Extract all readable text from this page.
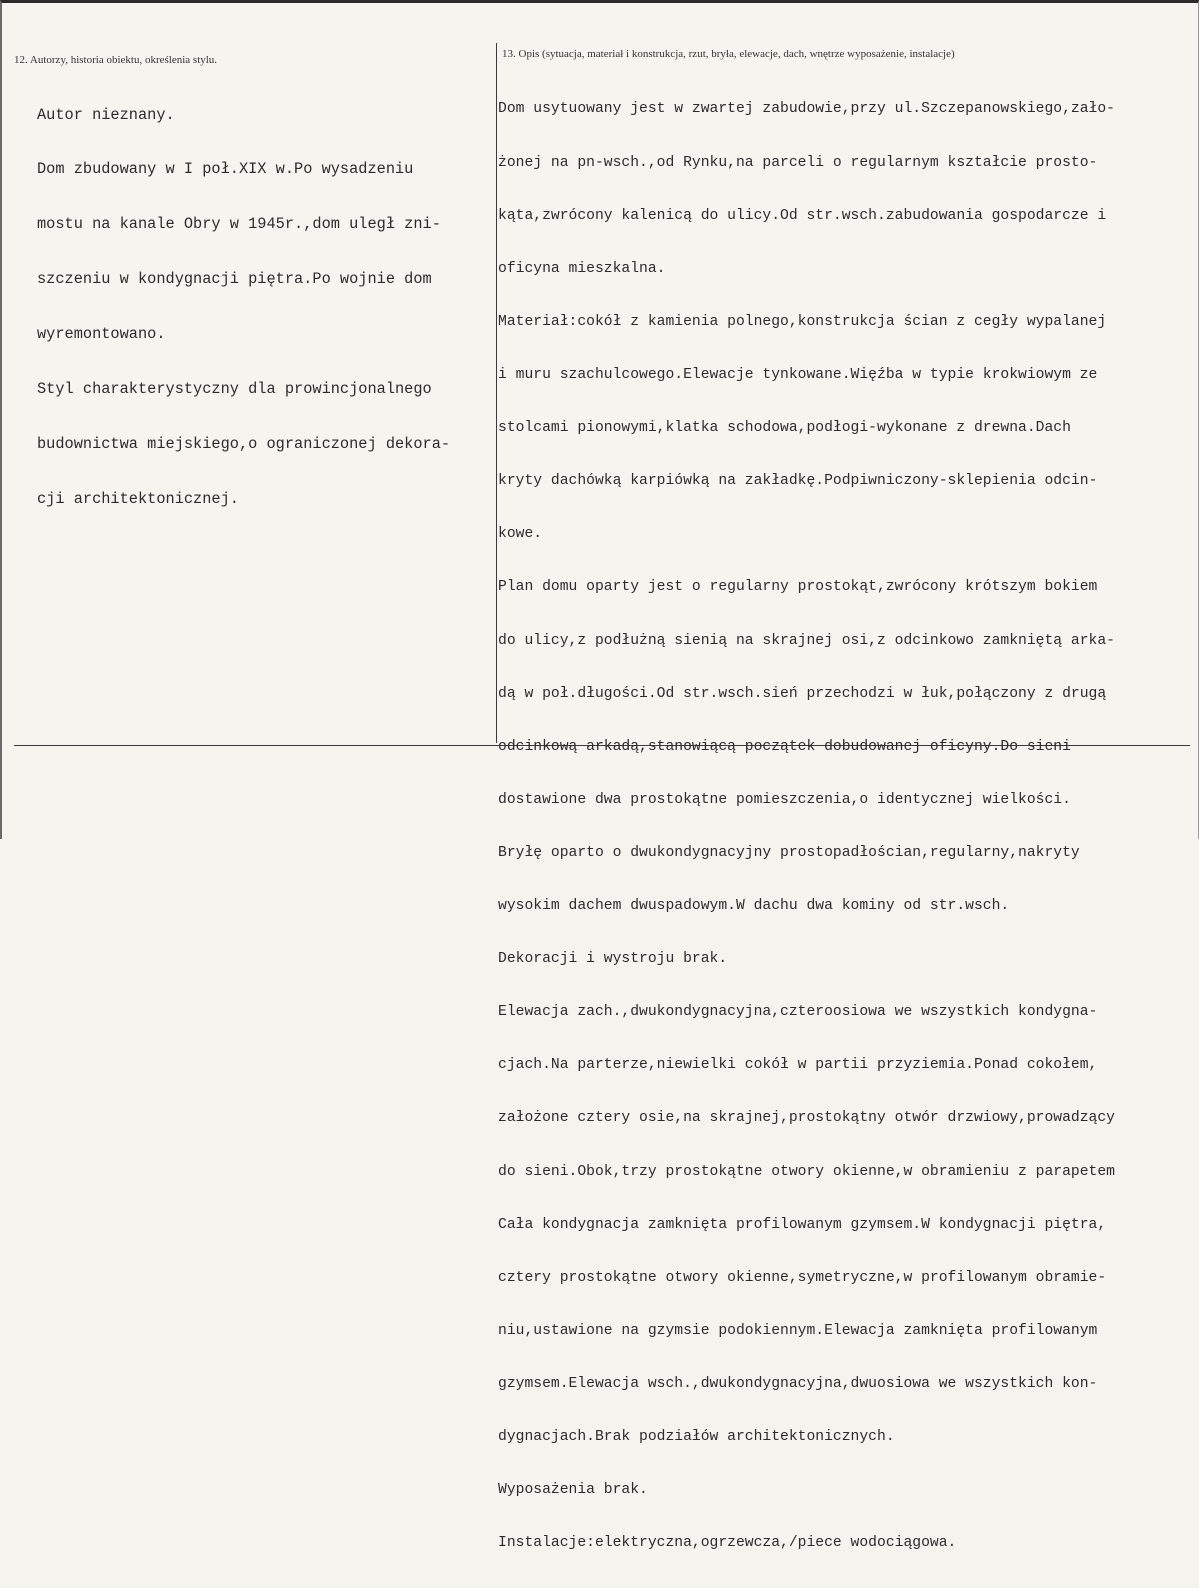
12. Autorzy, historia obiektu, określenia stylu.	13. Opis (sytuacja, materiał i konstrukcja, rzut, bryła, elewacje, dach, wnętrze wyposażenie, instalacje)

Autor nieznany.

Dom zbudowany w I poł.XIX w.Po wysadzeniu

mostu na kanale Obry w 1945r.,dom uległ zni-

szczeniu w kondygnacji piętra.Po wojnie dom

wyremontowano.

Styl charakterystyczny dla prowincjonalnego

budownictwa miejskiego,o ograniczonej dekora-

cji architektonicznej.

Dom usytuowany jest w zwartej zabudowie,przy ul.Szczepanowskiego,zało-

żonej na pn-wsch.,od Rynku,na parceli o regularnym kształcie prosto-

kąta,zwrócony kalenicą do ulicy.Od str.wsch.zabudowania gospodarcze i

oficyna mieszkalna.

Materiał:cokół z kamienia polnego,konstrukcja ścian z cegły wypalanej

i muru szachulcowego.Elewacje tynkowane.Więźba w typie krokwiowym ze

stolcami pionowymi,klatka schodowa,podłogi-wykonane z drewna.Dach

kryty dachówką karpiówką na zakładkę.Podpiwniczony-sklepienia odcin-

kowe.

Plan domu oparty jest o regularny prostokąt,zwrócony krótszym bokiem

do ulicy,z podłużną sienią na skrajnej osi,z odcinkowo zamkniętą arka-

dą w poł.długości.Od str.wsch.sień przechodzi w łuk,połączony z drugą

odcinkową arkadą,stanowiącą początek dobudowanej oficyny.Do sieni

dostawione dwa prostokątne pomieszczenia,o identycznej wielkości.

Bryłę oparto o dwukondygnacyjny prostopadłościan,regularny,nakryty

wysokim dachem dwuspadowym.W dachu dwa kominy od str.wsch.

Dekoracji i wystroju brak.

Elewacja zach.,dwukondygnacyjna,czteroosiowa we wszystkich kondygna-

cjach.Na parterze,niewielki cokół w partii przyziemia.Ponad cokołem,

założone cztery osie,na skrajnej,prostokątny otwór drzwiowy,prowadzący

do sieni.Obok,trzy prostokątne otwory okienne,w obramieniu z parapetem

Cała kondygnacja zamknięta profilowanym gzymsem.W kondygnacji piętra,

cztery prostokątne otwory okienne,symetryczne,w profilowanym obramie-

niu,ustawione na gzymsie podokiennym.Elewacja zamknięta profilowanym

gzymsem.Elewacja wsch.,dwukondygnacyjna,dwuosiowa we wszystkich kon-

dygnacjach.Brak podziałów architektonicznych.

Wyposażenia brak.

Instalacje:elektryczna,ogrzewcza,/piece wodociągowa.
